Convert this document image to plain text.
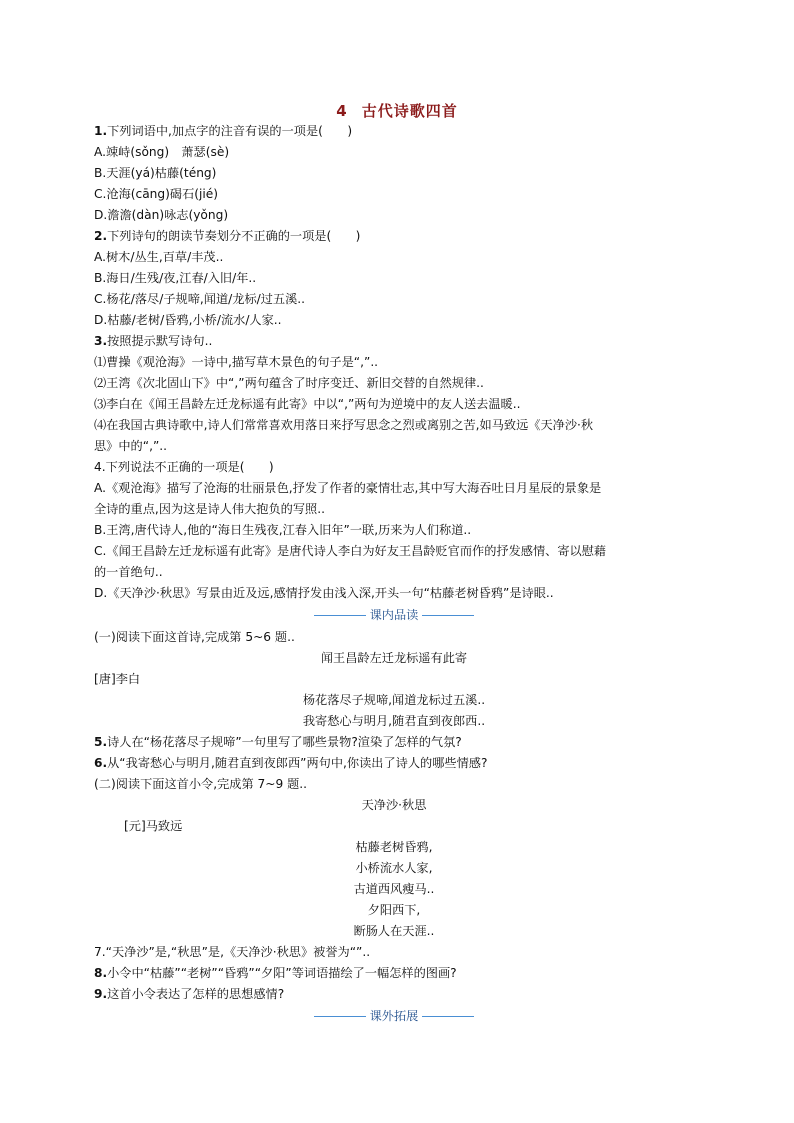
4 古代诗歌四首
1.下列词语中,加点字的注音有误的一项是(　　)
A.竦峙(sǒng)　萧瑟(sè)
B.天涯(yá)枯藤(téng)
C.沧海(cāng)碣石(jié)
D.澹澹(dàn)咏志(yǒng)
2.下列诗句的朗读节奏划分不正确的一项是(　　)
A.树木/丛生,百草/丰茂..
B.海日/生残/夜,江春/入旧/年..
C.杨花/落尽/子规啼,闻道/龙标/过五溪..
D.枯藤/老树/昏鸦,小桥/流水/人家..
3.按照提示默写诗句..
⑴曹操《观沧海》一诗中,描写草木景色的句子是“,”..
⑵王湾《次北固山下》中“,”两句蕴含了时序变迁、新旧交替的自然规律..
⑶李白在《闻王昌龄左迁龙标遥有此寄》中以“,”两句为逆境中的友人送去温暖..
⑷在我国古典诗歌中,诗人们常常喜欢用落日来抒写思念之烈或离别之苦,如马致远《天净沙·秋
思》中的“,”..
4.下列说法不正确的一项是(　　)
A.《观沧海》描写了沧海的壮丽景色,抒发了作者的豪情壮志,其中写大海吞吐日月星辰的景象是
全诗的重点,因为这是诗人伟大抱负的写照..
B.王湾,唐代诗人,他的“海日生残夜,江春入旧年”一联,历来为人们称道..
C.《闻王昌龄左迁龙标遥有此寄》是唐代诗人李白为好友王昌龄贬官而作的抒发感情、寄以慰藉
的一首绝句..
D.《天净沙·秋思》写景由近及远,感情抒发由浅入深,开头一句“枯藤老树昏鸦”是诗眼..
课内品读
(一)阅读下面这首诗,完成第 5~6 题..
闻王昌龄左迁龙标遥有此寄
[唐]李白
杨花落尽子规啼,闻道龙标过五溪..
我寄愁心与明月,随君直到夜郎西..
5.诗人在“杨花落尽子规啼”一句里写了哪些景物?渲染了怎样的气氛?
6.从“我寄愁心与明月,随君直到夜郎西”两句中,你读出了诗人的哪些情感?
(二)阅读下面这首小令,完成第 7~9 题..
天净沙·秋思
[元]马致远
枯藤老树昏鸦,
小桥流水人家,
古道西风瘦马..
夕阳西下,
断肠人在天涯..
7.“天净沙”是,“秋思”是,《天净沙·秋思》被誉为“”..
8.小令中“枯藤”“老树”“昏鸦”“夕阳”等词语描绘了一幅怎样的图画?
9.这首小令表达了怎样的思想感情?
课外拓展
